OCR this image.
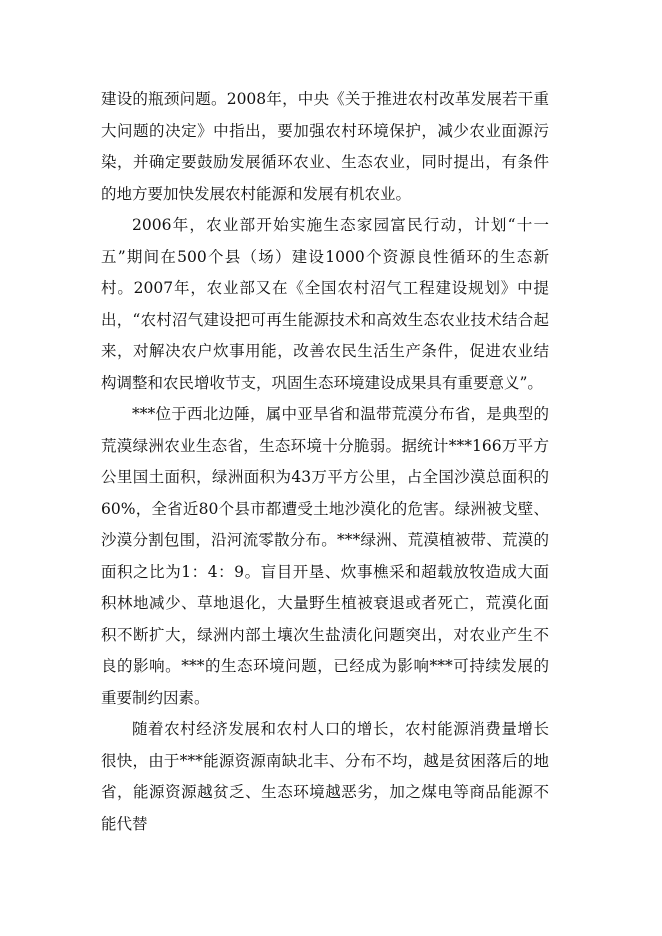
建设的瓶颈问题。2008年，中央《关于推进农村改革发展若干重大问题的决定》中指出，要加强农村环境保护，减少农业面源污染，并确定要鼓励发展循环农业、生态农业，同时提出，有条件的地方要加快发展农村能源和发展有机农业。

2006年，农业部开始实施生态家园富民行动，计划“十一五”期间在500个县（场）建设1000个资源良性循环的生态新村。2007年，农业部又在《全国农村沼气工程建设规划》中提出，“农村沼气建设把可再生能源技术和高效生态农业技术结合起来，对解决农户炊事用能，改善农民生活生产条件，促进农业结构调整和农民增收节支，巩固生态环境建设成果具有重要意义”。

***位于西北边陲，属中亚旱省和温带荒漠分布省，是典型的荒漠绿洲农业生态省，生态环境十分脆弱。据统计***166万平方公里国土面积，绿洲面积为43万平方公里，占全国沙漠总面积的60%，全省近80个县市都遭受土地沙漠化的危害。绿洲被戈壁、沙漠分割包围，沿河流零散分布。***绿洲、荒漠植被带、荒漠的面积之比为1：4：9。盲目开垦、炊事樵采和超载放牧造成大面积林地减少、草地退化，大量野生植被衰退或者死亡，荒漠化面积不断扩大，绿洲内部土壤次生盐渍化问题突出，对农业产生不良的影响。***的生态环境问题，已经成为影响***可持续发展的重要制约因素。

随着农村经济发展和农村人口的增长，农村能源消费量增长很快，由于***能源资源南缺北丰、分布不均，越是贫困落后的地省，能源资源越贫乏、生态环境越恶劣，加之煤电等商品能源不能代替
